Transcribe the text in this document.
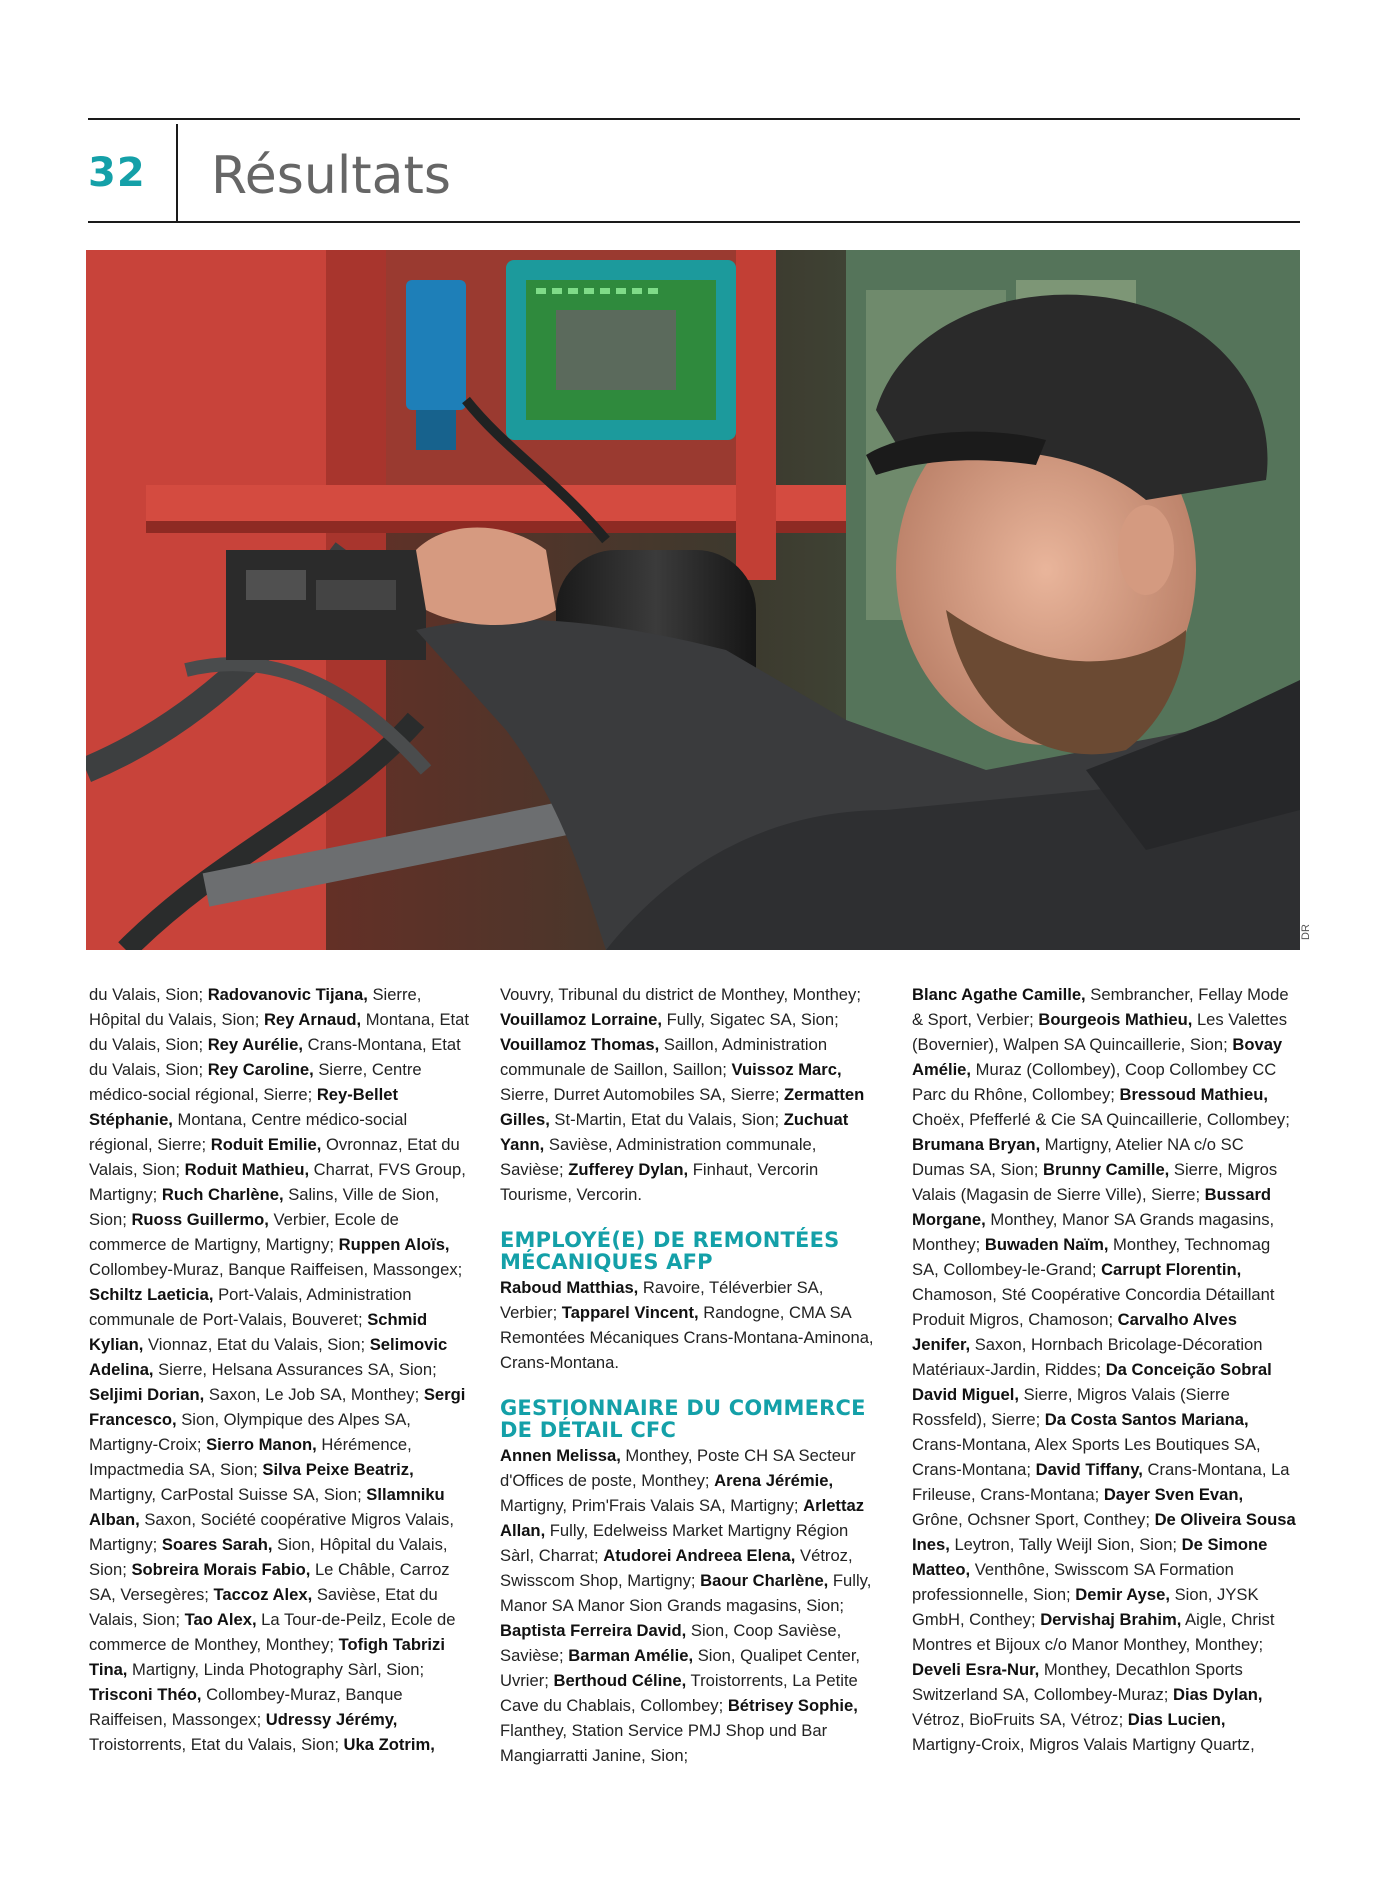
32 Résultats
DR

du Valais, Sion; Radovanovic Tijana, Sierre, Hôpital du Valais, Sion; Rey Arnaud, Montana, Etat du Valais, Sion; Rey Aurélie, Crans-Montana, Etat du Valais, Sion; Rey Caroline, Sierre, Centre médico-social régional, Sierre; Rey-Bellet Stéphanie, Montana, Centre médico-social régional, Sierre; Roduit Emilie, Ovronnaz, Etat du Valais, Sion; Roduit Mathieu, Charrat, FVS Group, Martigny; Ruch Charlène, Salins, Ville de Sion, Sion; Ruoss Guillermo, Verbier, Ecole de commerce de Martigny, Martigny; Ruppen Aloïs, Collombey-Muraz, Banque Raiffeisen, Massongex; Schiltz Laeticia, Port-Valais, Administration communale de Port-Valais, Bouveret; Schmid Kylian, Vionnaz, Etat du Valais, Sion; Selimovic Adelina, Sierre, Helsana Assurances SA, Sion; Seljimi Dorian, Saxon, Le Job SA, Monthey; Sergi Francesco, Sion, Olympique des Alpes SA, Martigny-Croix; Sierro Manon, Hérémence, Impactmedia SA, Sion; Silva Peixe Beatriz, Martigny, CarPostal Suisse SA, Sion; Sllamniku Alban, Saxon, Société coopérative Migros Valais, Martigny; Soares Sarah, Sion, Hôpital du Valais, Sion; Sobreira Morais Fabio, Le Châble, Carroz SA, Versegères; Taccoz Alex, Savièse, Etat du Valais, Sion; Tao Alex, La Tour-de-Peilz, Ecole de commerce de Monthey, Monthey; Tofigh Tabrizi Tina, Martigny, Linda Photography Sàrl, Sion; Trisconi Théo, Collombey-Muraz, Banque Raiffeisen, Massongex; Udressy Jérémy, Troistorrents, Etat du Valais, Sion; Uka Zotrim,

Vouvry, Tribunal du district de Monthey, Monthey; Vouillamoz Lorraine, Fully, Sigatec SA, Sion; Vouillamoz Thomas, Saillon, Administration communale de Saillon, Saillon; Vuissoz Marc, Sierre, Durret Automobiles SA, Sierre; Zermatten Gilles, St-Martin, Etat du Valais, Sion; Zuchuat Yann, Savièse, Administration communale, Savièse; Zufferey Dylan, Finhaut, Vercorin Tourisme, Vercorin.

EMPLOYÉ(E) DE REMONTÉES MÉCANIQUES AFP

Raboud Matthias, Ravoire, Téléverbier SA, Verbier; Tapparel Vincent, Randogne, CMA SA Remontées Mécaniques Crans-Montana-Aminona, Crans-Montana.

GESTIONNAIRE DU COMMERCE DE DÉTAIL CFC

Annen Melissa, Monthey, Poste CH SA Secteur d'Offices de poste, Monthey; Arena Jérémie, Martigny, Prim'Frais Valais SA, Martigny; Arlettaz Allan, Fully, Edelweiss Market Martigny Région Sàrl, Charrat; Atudorei Andreea Elena, Vétroz, Swisscom Shop, Martigny; Baour Charlène, Fully, Manor SA Manor Sion Grands magasins, Sion; Baptista Ferreira David, Sion, Coop Savièse, Savièse; Barman Amélie, Sion, Qualipet Center, Uvrier; Berthoud Céline, Troistorrents, La Petite Cave du Chablais, Collombey; Bétrisey Sophie, Flanthey, Station Service PMJ Shop und Bar Mangiarratti Janine, Sion;

Blanc Agathe Camille, Sembrancher, Fellay Mode & Sport, Verbier; Bourgeois Mathieu, Les Valettes (Bovernier), Walpen SA Quincaillerie, Sion; Bovay Amélie, Muraz (Collombey), Coop Collombey CC Parc du Rhône, Collombey; Bressoud Mathieu, Choëx, Pfefferlé & Cie SA Quincaillerie, Collombey; Brumana Bryan, Martigny, Atelier NA c/o SC Dumas SA, Sion; Brunny Camille, Sierre, Migros Valais (Magasin de Sierre Ville), Sierre; Bussard Morgane, Monthey, Manor SA Grands magasins, Monthey; Buwaden Naïm, Monthey, Technomag SA, Collombey-le-Grand; Carrupt Florentin, Chamoson, Sté Coopérative Concordia Détaillant Produit Migros, Chamoson; Carvalho Alves Jenifer, Saxon, Hornbach Bricolage-Décoration Matériaux-Jardin, Riddes; Da Conceição Sobral David Miguel, Sierre, Migros Valais (Sierre Rossfeld), Sierre; Da Costa Santos Mariana, Crans-Montana, Alex Sports Les Boutiques SA, Crans-Montana; David Tiffany, Crans-Montana, La Frileuse, Crans-Montana; Dayer Sven Evan, Grône, Ochsner Sport, Conthey; De Oliveira Sousa Ines, Leytron, Tally Weijl Sion, Sion; De Simone Matteo, Venthône, Swisscom SA Formation professionnelle, Sion; Demir Ayse, Sion, JYSK GmbH, Conthey; Dervishaj Brahim, Aigle, Christ Montres et Bijoux c/o Manor Monthey, Monthey; Develi Esra-Nur, Monthey, Decathlon Sports Switzerland SA, Collombey-Muraz; Dias Dylan, Vétroz, BioFruits SA, Vétroz; Dias Lucien, Martigny-Croix, Migros Valais Martigny Quartz,
